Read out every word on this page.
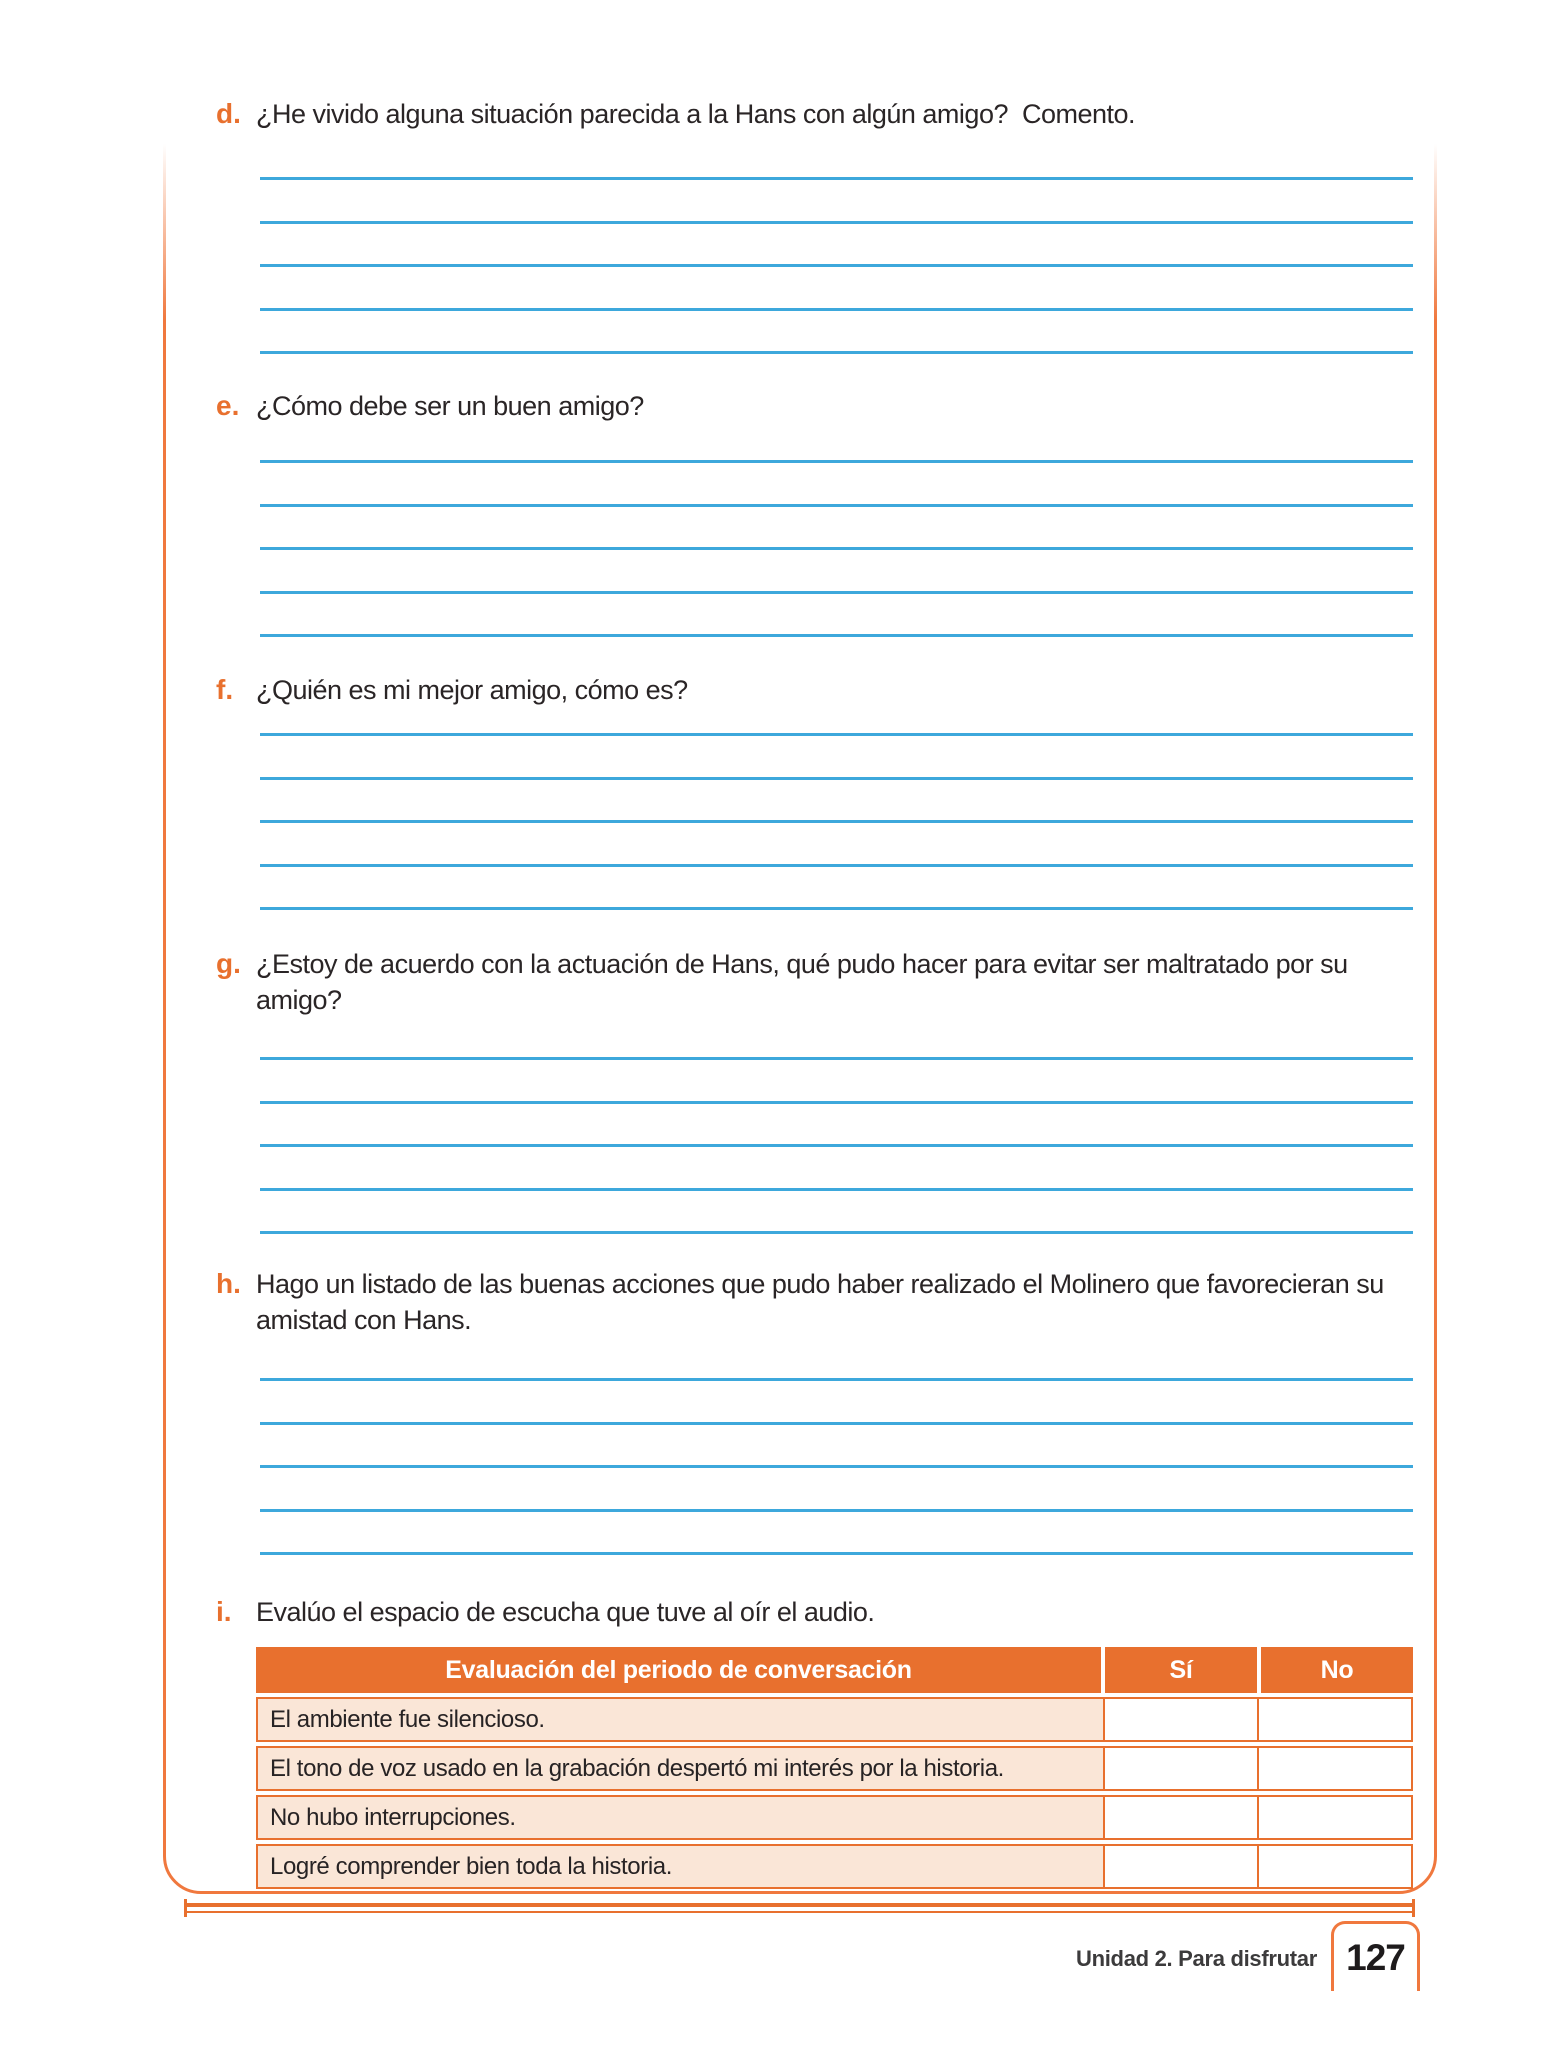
d. ¿He vivido alguna situación parecida a la Hans con algún amigo?  Comento.
e. ¿Cómo debe ser un buen amigo?
f. ¿Quién es mi mejor amigo, cómo es?
g. ¿Estoy de acuerdo con la actuación de Hans, qué pudo hacer para evitar ser maltratado por su amigo?
h. Hago un listado de las buenas acciones que pudo haber realizado el Molinero que favorecieran su amistad con Hans.
i. Evalúo el espacio de escucha que tuve al oír el audio.
Evaluación del periodo de conversación	Sí	No
El ambiente fue silencioso.
El tono de voz usado en la grabación despertó mi interés por la historia.
No hubo interrupciones.
Logré comprender bien toda la historia.
Unidad 2. Para disfrutar 127
